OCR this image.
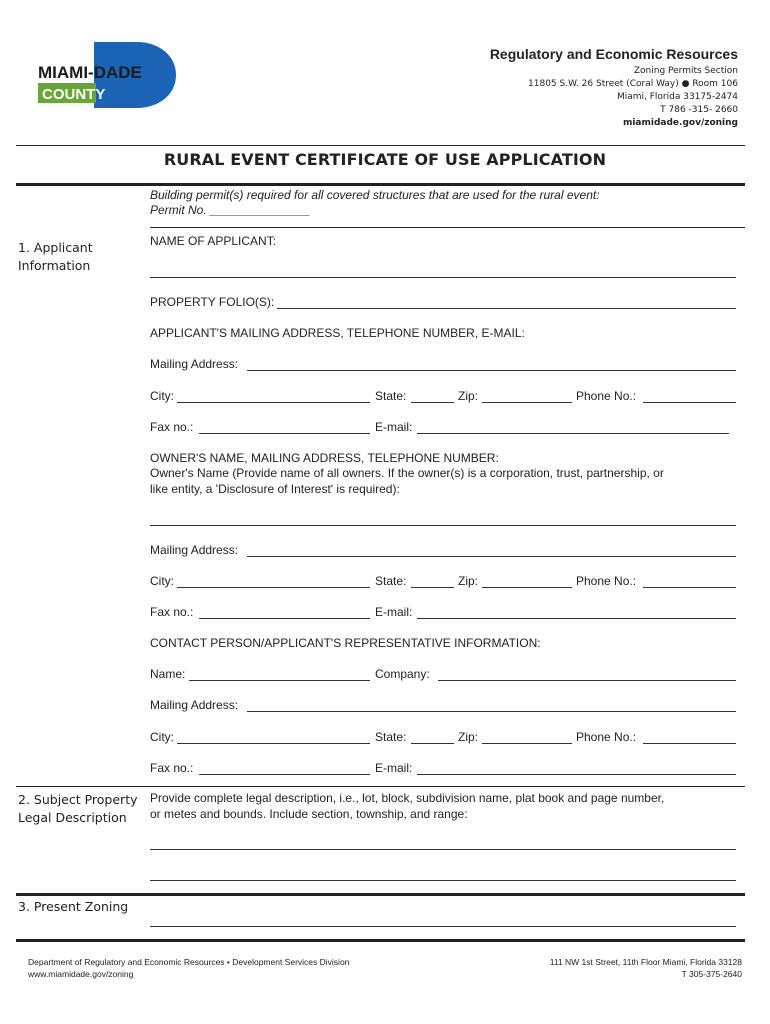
MIAMI-DADE
COUNTY
Regulatory and Economic Resources
Zoning Permits Section
11805 S.W. 26 Street (Coral Way) ● Room 106
Miami, Florida 33175-2474
T 786 -315- 2660
miamidade.gov/zoning
RURAL EVENT CERTIFICATE OF USE APPLICATION
Building permit(s) required for all covered structures that are used for the rural event:
Permit No. _______________
1. Applicant
Information
NAME OF APPLICANT:
PROPERTY FOLIO(S):
APPLICANT'S MAILING ADDRESS, TELEPHONE NUMBER, E-MAIL:
Mailing Address:
City:	State:	Zip:	Phone No.:
Fax no.:	E-mail:
OWNER'S NAME, MAILING ADDRESS, TELEPHONE NUMBER:
Owner's Name (Provide name of all owners. If the owner(s) is a corporation, trust, partnership, or
like entity, a 'Disclosure of Interest' is required):
Mailing Address:
City:	State:	Zip:	Phone No.:
Fax no.:	E-mail:
CONTACT PERSON/APPLICANT'S REPRESENTATIVE INFORMATION:
Name:	Company:
Mailing Address:
City:	State:	Zip:	Phone No.:
Fax no.:	E-mail:
2. Subject Property
Legal Description
Provide complete legal description, i.e., lot, block, subdivision name, plat book and page number,
or metes and bounds. Include section, township, and range:
3. Present Zoning
Department of Regulatory and Economic Resources • Development Services Division
www.miamidade.gov/zoning
111 NW 1st Street, 11th Floor Miami, Florida 33128
T 305-375-2640
